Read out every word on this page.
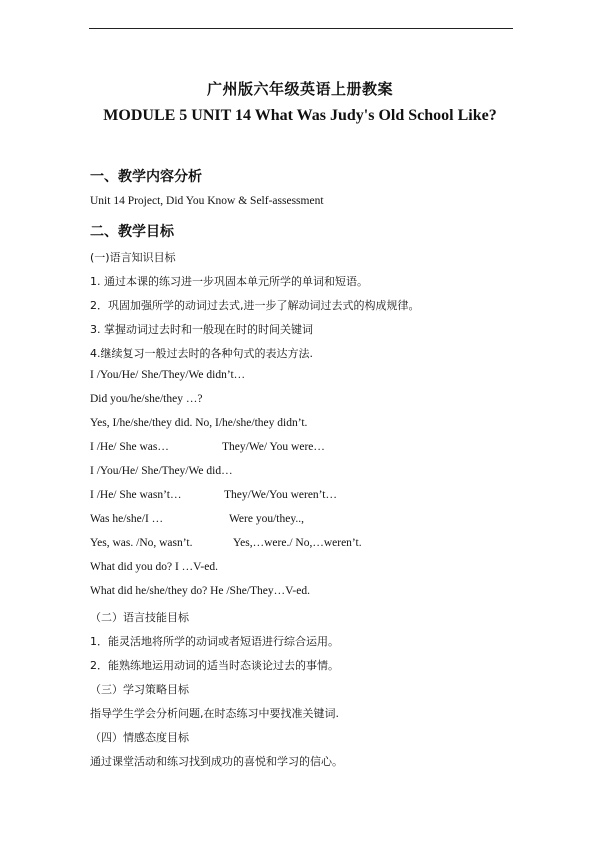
广州版六年级英语上册教案
MODULE 5 UNIT 14 What Was Judy's Old School Like?
一、教学内容分析
Unit 14 Project, Did You Know & Self-assessment
二、教学目标
(一)语言知识目标
1. 通过本课的练习进一步巩固本单元所学的单词和短语。
2．巩固加强所学的动词过去式,进一步了解动词过去式的构成规律。
3. 掌握动词过去时和一般现在时的时间关键词
4.继续复习一般过去时的各种句式的表达方法.
I /You/He/ She/They/We didn’t…
Did you/he/she/they …?
Yes, I/he/she/they did. No, I/he/she/they didn’t.
I /He/ She was…	They/We/ You were…
I /You/He/ She/They/We did…
I /He/ She wasn’t…	They/We/You weren’t…
Was he/she/I …	Were you/they..,
Yes, was. /No, wasn’t.	Yes,…were./ No,…weren’t.
What did you do? I …V-ed.
What did he/she/they do? He /She/They…V-ed.
（二）语言技能目标
1．能灵活地将所学的动词或者短语进行综合运用。
2．能熟练地运用动词的适当时态谈论过去的事情。
（三）学习策略目标
指导学生学会分析问题,在时态练习中要找准关键词.
（四）情感态度目标
通过课堂活动和练习找到成功的喜悦和学习的信心。
